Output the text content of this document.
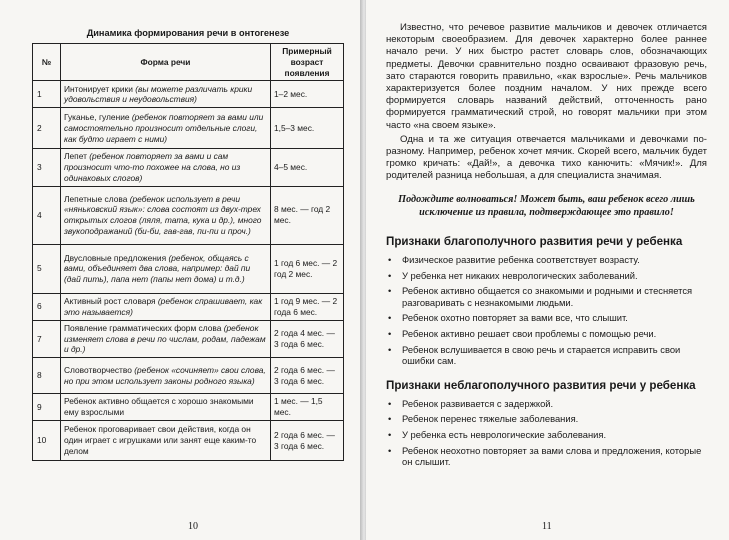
Динамика формирования речи в онтогенезе
№	Форма речи	Примерный возраст появления
1	Интонирует крики (вы можете различать крики удовольствия и неудовольствия)	1–2 мес.
2	Гуканье, гуление (ребенок повторяет за вами или самостоятельно произносит отдельные слоги, как будто играет с ними)	1,5–3 мес.
3	Лепет (ребенок повторяет за вами и сам произносит что-то похожее на слова, но из одинаковых слогов)	4–5 мес.
4	Лепетные слова (ребенок использует в речи «няньковский язык»: слова состоят из двух-трех открытых слогов (ляля, тата, кука и др.), много звукоподражаний (би-би, гав-гав, пи-пи и проч.)	8 мес. — год 2 мес.
5	Двусловные предложения (ребенок, общаясь с вами, объединяет два слова, например: дай пи (дай пить), папа нет (папы нет дома) и т.д.)	1 год 6 мес. — 2 год 2 мес.
6	Активный рост словаря (ребенок спрашивает, как это называется)	1 год 9 мес. — 2 года 6 мес.
7	Появление грамматических форм слова (ребенок изменяет слова в речи по числам, родам, падежам и др.)	2 года 4 мес. — 3 года 6 мес.
8	Словотворчество (ребенок «сочиняет» свои слова, но при этом использует законы родного языка)	2 года 6 мес. — 3 года 6 мес.
9	Ребенок активно общается с хорошо знакомыми ему взрослыми	1 мес. — 1,5 мес.
10	Ребенок проговаривает свои действия, когда он один играет с игрушками или занят еще каким-то делом	2 года 6 мес. — 3 года 6 мес.
10

Известно, что речевое развитие мальчиков и девочек отличается некоторым своеобразием. Для девочек характерно более раннее начало речи. У них быстро растет словарь слов, обозначающих предметы. Девочки сравнительно поздно осваивают фразовую речь, зато стараются говорить правильно, «как взрослые». Речь мальчиков характеризуется более поздним началом. У них прежде всего формируется словарь названий действий, отточенность рано формируется грамматический строй, но говорят мальчики при этом часто «на своем языке».

Одна и та же ситуация отвечается мальчиками и девочками по-разному. Например, ребенок хочет мячик. Скорей всего, мальчик будет громко кричать: «Дай!», а девочка тихо канючить: «Мячик!». Для родителей разница небольшая, а для специалиста значимая.

Подождите волноваться! Может быть, ваш ребенок всего лишь исключение из правила, подтверждающее это правило!
Признаки благополучного развития речи у ребенка
• Физическое развитие ребенка соответствует возрасту.
• У ребенка нет никаких неврологических заболеваний.
• Ребенок активно общается со знакомыми и родными и стесняется разговаривать с незнакомыми людьми.
• Ребенок охотно повторяет за вами все, что слышит.
• Ребенок активно решает свои проблемы с помощью речи.
• Ребенок вслушивается в свою речь и старается исправить свои ошибки сам.
Признаки неблагополучного развития речи у ребенка
• Ребенок развивается с задержкой.
• Ребенок перенес тяжелые заболевания.
• У ребенка есть неврологические заболевания.
• Ребенок неохотно повторяет за вами слова и предложения, которые он слышит.
11
